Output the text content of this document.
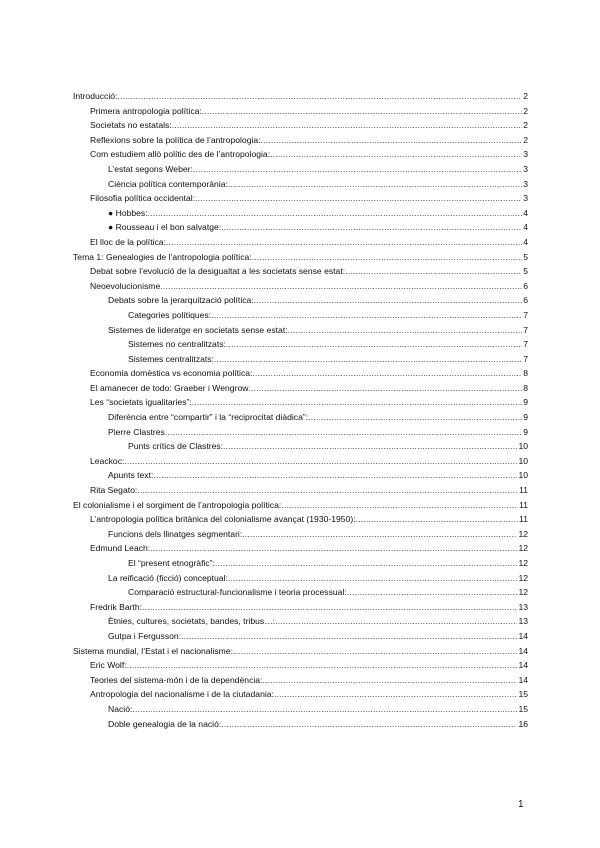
Introducció: .....	2
Primera antropologia política: .....	2
Societats no estatals: .....	2
Reflexions sobre la política de l’antropologia: .....	2
Com estudiem allò polític des de l’antropologia: .....	3
L’estat segons Weber: .....	3
Ciència política contemporània: .....	3
Filosofia política occidental: .....	3
● Hobbes: .....	4
● Rousseau i el bon salvatge: .....	4
El lloc de la política: .....	4
Tema 1: Genealogies de l’antropologia política: .....	5
Debat sobre l’evolució de la desigualtat a les societats sense estat: .....	5
Neoevolucionisme .....	6
Debats sobre la jerarquització política: .....	6
Categories polítiques: .....	7
Sistemes de lideratge en societats sense estat: .....	7
Sistemes no centralitzats: .....	7
Sistemes centralitzats: .....	7
Economia domèstica vs economia política: .....	8
El amanecer de todo: Graeber i Wengrow .....	8
Les “societats igualitaries”: .....	9
Diferència entre “compartir” i la “reciprocitat diàdica”: .....	9
Pierre Clastres .....	9
Punts crítics de Clastres: .....	10
Leackoc: .....	10
Apunts text: .....	10
Rita Segato: .....	11
El colonialisme i el sorgiment de l’antropologia política: .....	11
L’antropologia política britànica del colonialisme avançat (1930-1950): .....	11
Funcions dels llinatges segmentari: .....	12
Edmund Leach: .....	12
El “present etnogràfic”: .....	12
La reificació (ficció) conceptual: .....	12
Comparació estructural-funcionalisme i teoria processual: .....	12
Fredrik Barth: .....	13
Ètnies, cultures, societats, bandes, tribus…: .....	13
Gutpa i Fergusson: .....	14
Sistema mundial, l’Estat i el nacionalisme: .....	14
Eric Wolf: .....	14
Teories del sistema-món i de la dependència: .....	14
Antropologia del nacionalisme i de la ciutadania: .....	15
Nació: .....	15
Doble genealogia de la nació: .....	16
1
